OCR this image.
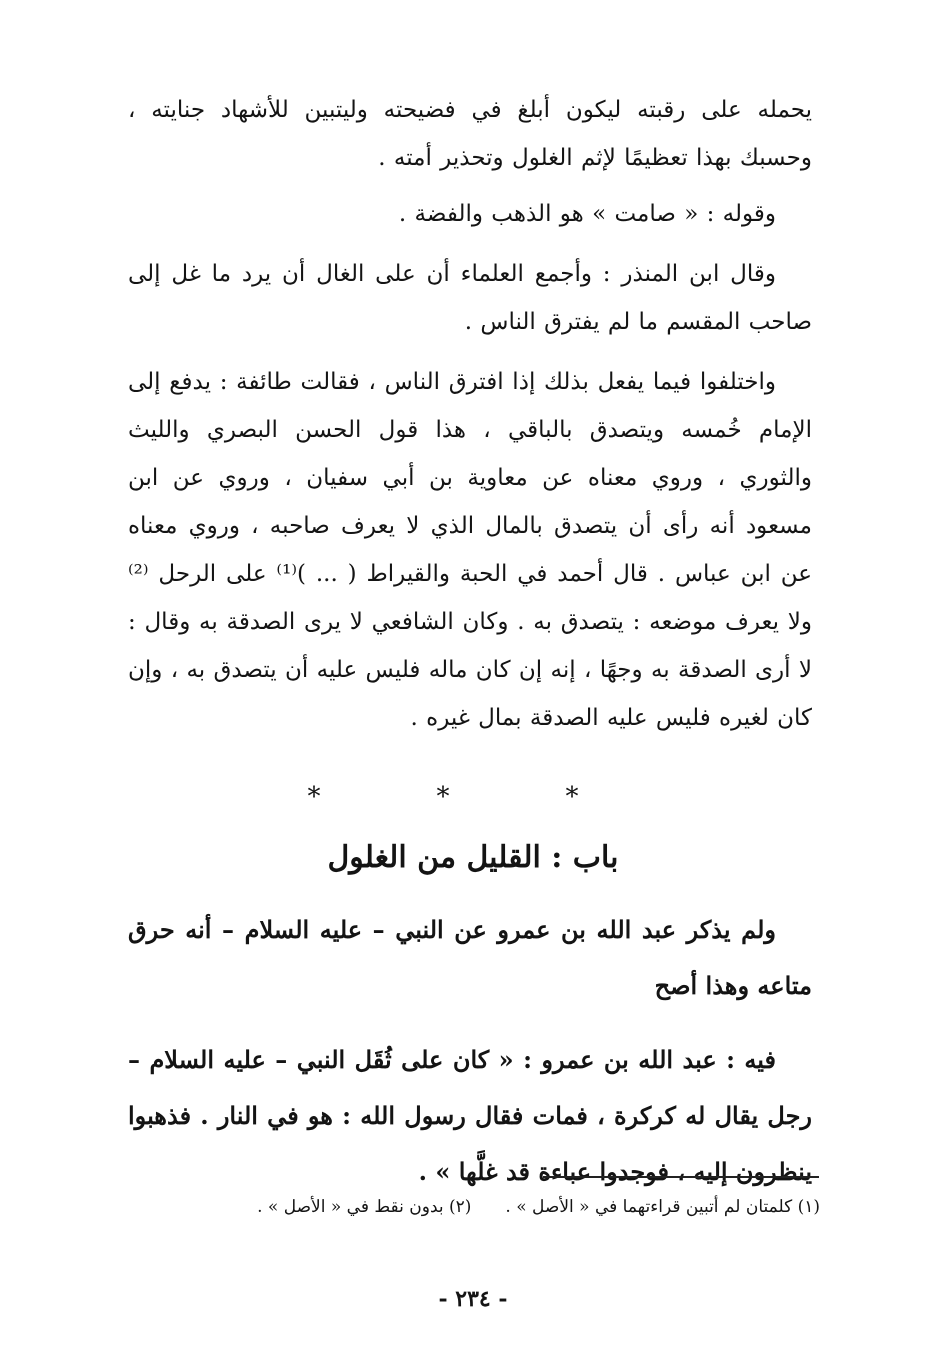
يحمله على رقبته ليكون أبلغ في فضيحته وليتبين للأشهاد جنايته ، وحسبك بهذا تعظيمًا لإثم الغلول وتحذير أمته .

وقوله : « صامت » هو الذهب والفضة .

وقال ابن المنذر : وأجمع العلماء أن على الغال أن يرد ما غل إلى صاحب المقسم ما لم يفترق الناس .

واختلفوا فيما يفعل بذلك إذا افترق الناس ، فقالت طائفة : يدفع إلى الإمام خُمسه ويتصدق بالباقي ، هذا قول الحسن البصري والليث والثوري ، وروي معناه عن معاوية بن أبي سفيان ، وروي عن ابن مسعود أنه رأى أن يتصدق بالمال الذي لا يعرف صاحبه ، وروي معناه عن ابن عباس . قال أحمد في الحبة والقيراط ( ... )⁽¹⁾ على الرحل ⁽²⁾ ولا يعرف موضعه : يتصدق به . وكان الشافعي لا يرى الصدقة به وقال : لا أرى الصدقة به وجهًا ، إنه إن كان ماله فليس عليه أن يتصدق به ، وإن كان لغيره فليس عليه الصدقة بمال غيره .

* * *
باب : القليل من الغلول

ولم يذكر عبد الله بن عمرو عن النبي – عليه السلام – أنه حرق متاعه وهذا أصح

فيه : عبد الله بن عمرو : « كان على ثُقَل النبي – عليه السلام – رجل يقال له كركرة ، فمات فقال رسول الله : هو في النار . فذهبوا ينظرون إليه ، فوجدوا عباءة قد غلَّها » .

(١) كلمتان لم أتبين قراءتهما في « الأصل » .(٢) بدون نقط في « الأصل » .
- ٢٣٤ -
